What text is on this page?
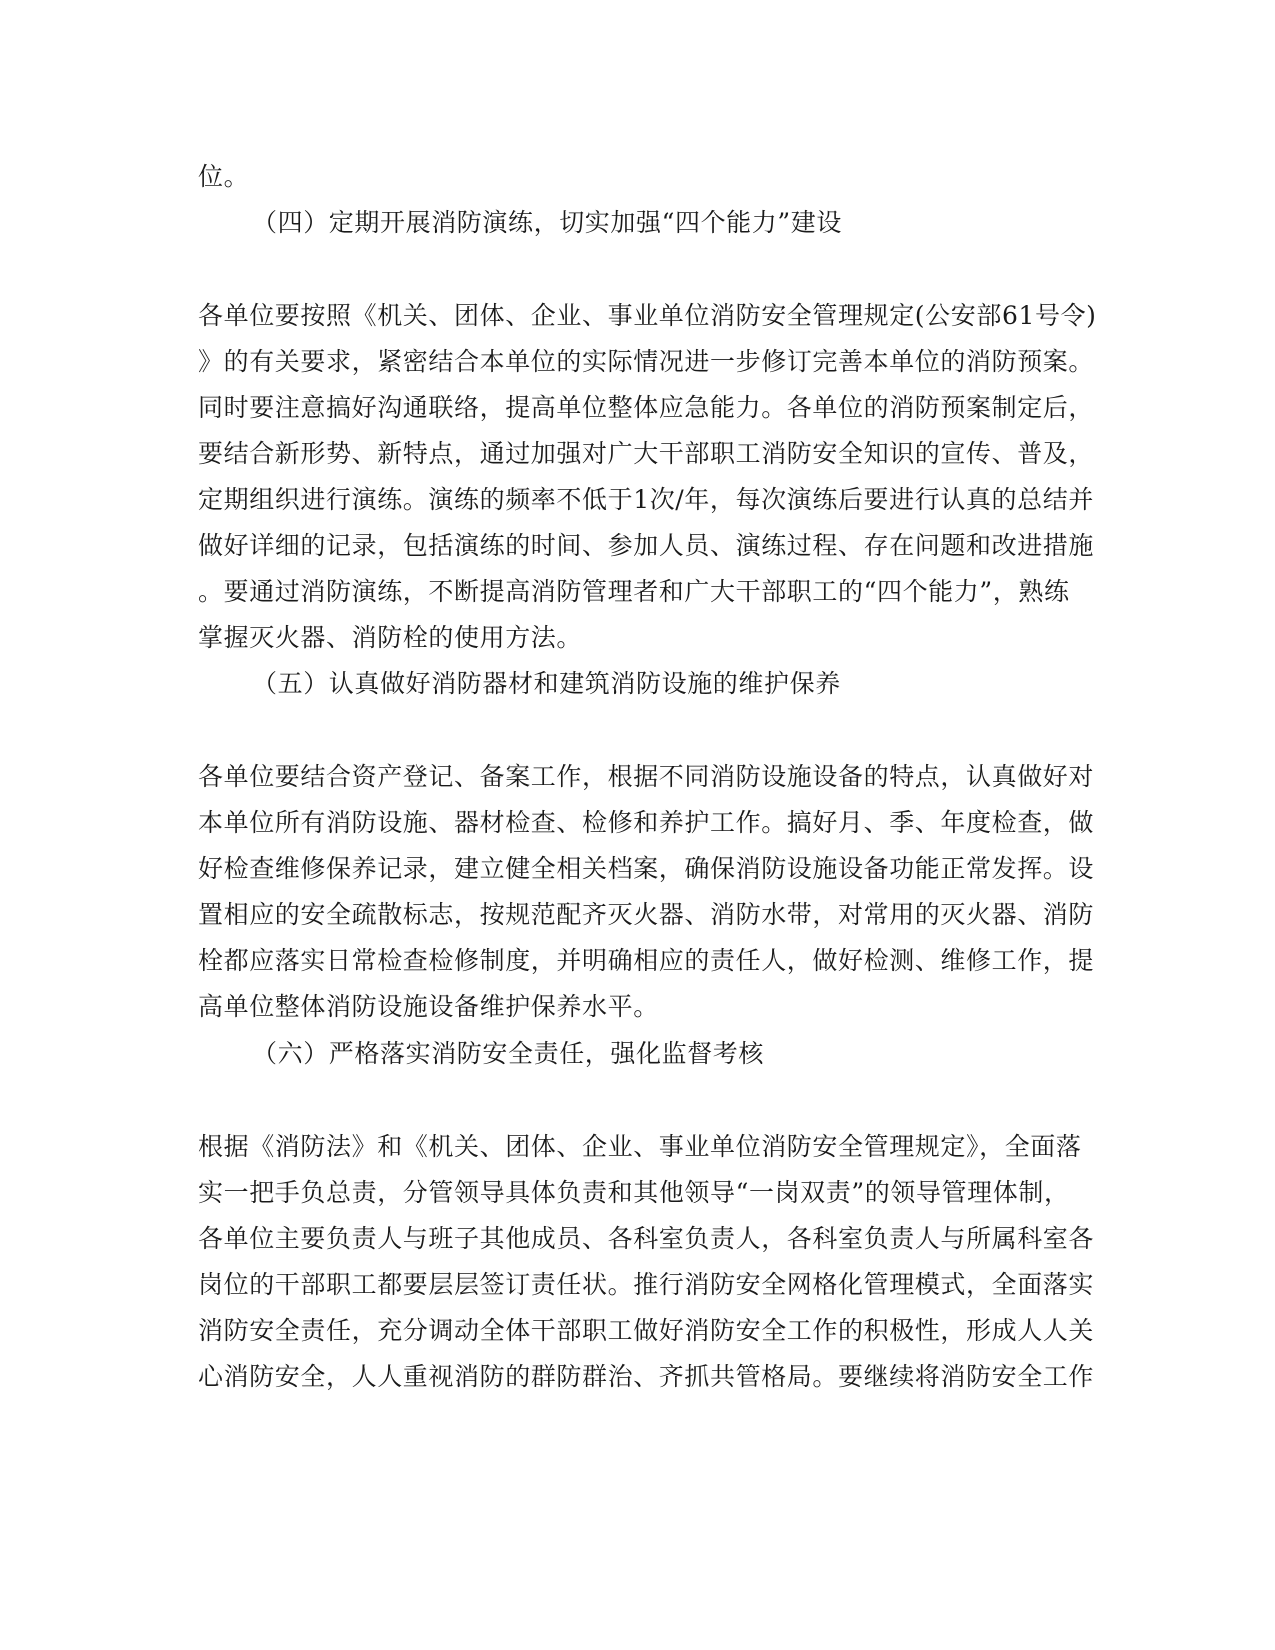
位。
（四）定期开展消防演练，切实加强“四个能力”建设
各单位要按照《机关、团体、企业、事业单位消防安全管理规定(公安部61号令)
》的有关要求，紧密结合本单位的实际情况进一步修订完善本单位的消防预案。
同时要注意搞好沟通联络，提高单位整体应急能力。各单位的消防预案制定后，
要结合新形势、新特点，通过加强对广大干部职工消防安全知识的宣传、普及，
定期组织进行演练。演练的频率不低于1次/年，每次演练后要进行认真的总结并
做好详细的记录，包括演练的时间、参加人员、演练过程、存在问题和改进措施
。要通过消防演练，不断提高消防管理者和广大干部职工的“四个能力”，熟练
掌握灭火器、消防栓的使用方法。
（五）认真做好消防器材和建筑消防设施的维护保养
各单位要结合资产登记、备案工作，根据不同消防设施设备的特点，认真做好对
本单位所有消防设施、器材检查、检修和养护工作。搞好月、季、年度检查，做
好检查维修保养记录，建立健全相关档案，确保消防设施设备功能正常发挥。设
置相应的安全疏散标志，按规范配齐灭火器、消防水带，对常用的灭火器、消防
栓都应落实日常检查检修制度，并明确相应的责任人，做好检测、维修工作，提
高单位整体消防设施设备维护保养水平。
（六）严格落实消防安全责任，强化监督考核
根据《消防法》和《机关、团体、企业、事业单位消防安全管理规定》，全面落
实一把手负总责，分管领导具体负责和其他领导“一岗双责”的领导管理体制，
各单位主要负责人与班子其他成员、各科室负责人，各科室负责人与所属科室各
岗位的干部职工都要层层签订责任状。推行消防安全网格化管理模式，全面落实
消防安全责任，充分调动全体干部职工做好消防安全工作的积极性，形成人人关
心消防安全，人人重视消防的群防群治、齐抓共管格局。要继续将消防安全工作
